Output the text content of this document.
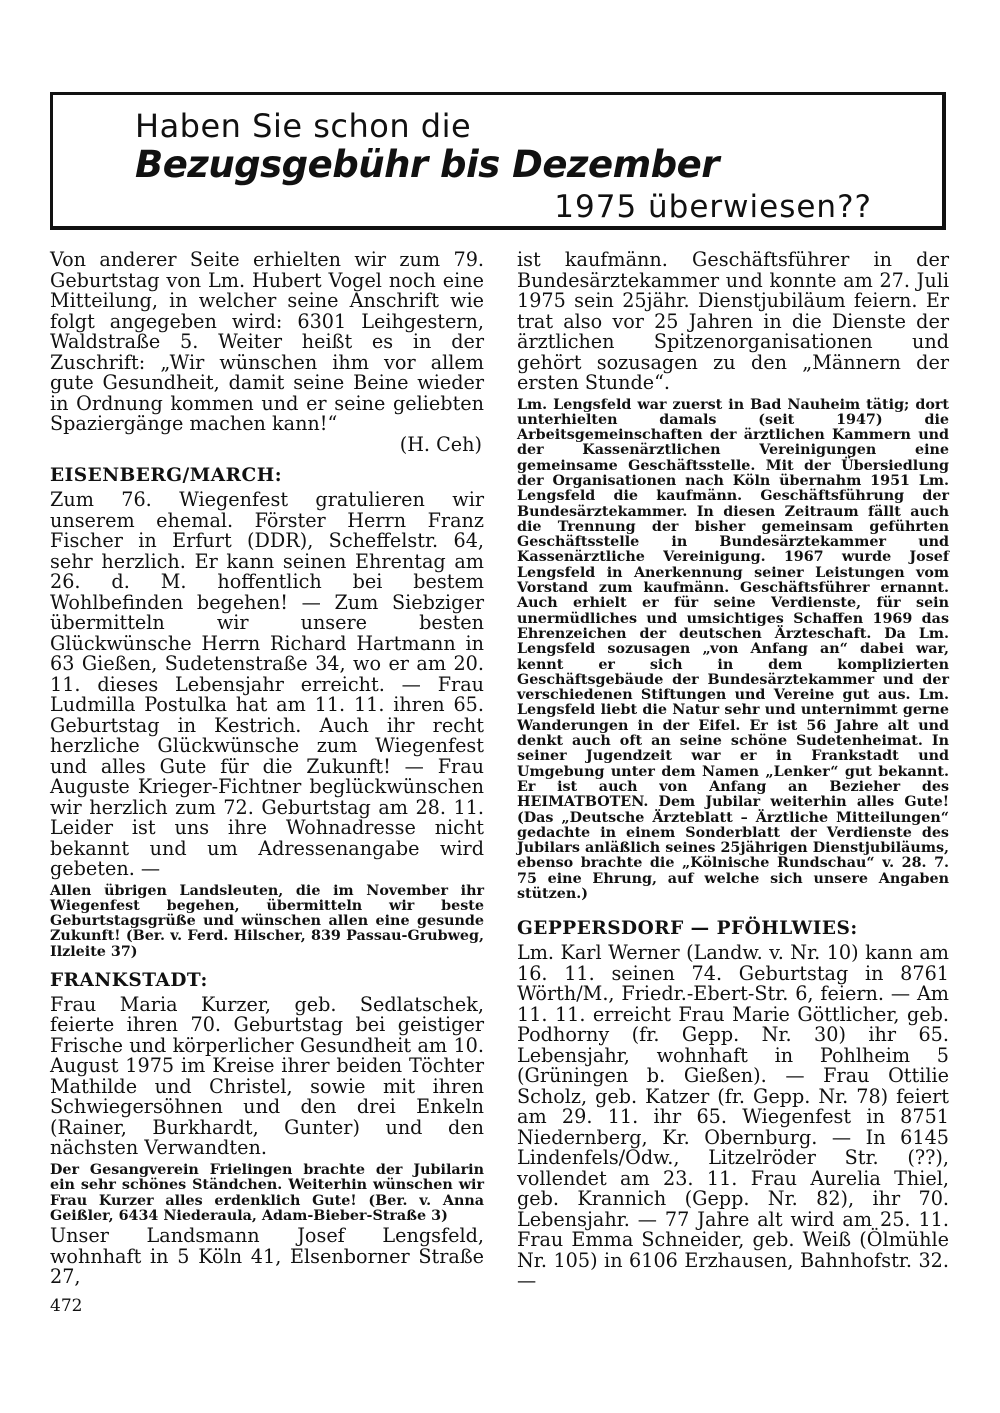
Haben Sie schon die
Bezugsgebühr bis Dezember
1975 überwiesen??

Von anderer Seite erhielten wir zum 79. Geburtstag von Lm. Hubert Vogel noch eine Mitteilung, in welcher seine Anschrift wie folgt angegeben wird: 6301 Leihgestern, Waldstraße 5. Weiter heißt es in der Zuschrift: „Wir wünschen ihm vor allem gute Gesundheit, damit seine Beine wieder in Ordnung kommen und er seine geliebten Spaziergänge machen kann!“

(H. Ceh)
EISENBERG/MARCH:

Zum 76. Wiegenfest gratulieren wir unserem ehemal. Förster Herrn Franz Fischer in Erfurt (DDR), Scheffelstr. 64, sehr herzlich. Er kann seinen Ehrentag am 26. d. M. hoffentlich bei bestem Wohlbefinden begehen! — Zum Siebziger übermitteln wir unsere besten Glückwünsche Herrn Richard Hartmann in 63 Gießen, Sudetenstraße 34, wo er am 20. 11. dieses Lebensjahr erreicht. — Frau Ludmilla Postulka hat am 11. 11. ihren 65. Geburtstag in Kestrich. Auch ihr recht herzliche Glückwünsche zum Wiegenfest und alles Gute für die Zukunft! — Frau Auguste Krieger-Fichtner beglückwünschen wir herzlich zum 72. Geburtstag am 28. 11. Leider ist uns ihre Wohnadresse nicht bekannt und um Adressenangabe wird gebeten. —

Allen übrigen Landsleuten, die im November ihr Wiegenfest begehen, übermitteln wir beste Geburtstagsgrüße und wünschen allen eine gesunde Zukunft! (Ber. v. Ferd. Hilscher, 839 Passau-Grubweg, Ilzleite 37)

FRANKSTADT:

Frau Maria Kurzer, geb. Sedlatschek, feierte ihren 70. Geburtstag bei geistiger Frische und körperlicher Gesundheit am 10. August 1975 im Kreise ihrer beiden Töchter Mathilde und Christel, sowie mit ihren Schwiegersöhnen und den drei Enkeln (Rainer, Burkhardt, Gunter) und den nächsten Verwandten.

Der Gesangverein Frielingen brachte der Jubilarin ein sehr schönes Ständchen. Weiterhin wünschen wir Frau Kurzer alles erdenklich Gute! (Ber. v. Anna Geißler, 6434 Niederaula, Adam-Bieber-Straße 3)

Unser Landsmann Josef Lengsfeld, wohnhaft in 5 Köln 41, Elsenborner Straße 27,

ist kaufmänn. Geschäftsführer in der Bundesärztekammer und konnte am 27. Juli 1975 sein 25jähr. Dienstjubiläum feiern. Er trat also vor 25 Jahren in die Dienste der ärztlichen Spitzenorganisationen und gehört sozusagen zu den „Männern der ersten Stunde“.

Lm. Lengsfeld war zuerst in Bad Nauheim tätig; dort unterhielten damals (seit 1947) die Arbeitsgemeinschaften der ärztlichen Kammern und der Kassenärztlichen Vereinigungen eine gemeinsame Geschäftsstelle. Mit der Übersiedlung der Organisationen nach Köln übernahm 1951 Lm. Lengsfeld die kaufmänn. Geschäftsführung der Bundesärztekammer. In diesen Zeitraum fällt auch die Trennung der bisher gemeinsam geführten Geschäftsstelle in Bundesärztekammer und Kassenärztliche Vereinigung. 1967 wurde Josef Lengsfeld in Anerkennung seiner Leistungen vom Vorstand zum kaufmänn. Geschäftsführer ernannt. Auch erhielt er für seine Verdienste, für sein unermüdliches und umsichtiges Schaffen 1969 das Ehrenzeichen der deutschen Ärzteschaft. Da Lm. Lengsfeld sozusagen „von Anfang an“ dabei war, kennt er sich in dem komplizierten Geschäftsgebäude der Bundesärztekammer und der verschiedenen Stiftungen und Vereine gut aus. Lm. Lengsfeld liebt die Natur sehr und unternimmt gerne Wanderungen in der Eifel. Er ist 56 Jahre alt und denkt auch oft an seine schöne Sudetenheimat. In seiner Jugendzeit war er in Frankstadt und Umgebung unter dem Namen „Lenker“ gut bekannt. Er ist auch von Anfang an Bezieher des HEIMATBOTEN. Dem Jubilar weiterhin alles Gute! (Das „Deutsche Ärzteblatt – Ärztliche Mitteilungen“ gedachte in einem Sonderblatt der Verdienste des Jubilars anläßlich seines 25jährigen Dienstjubiläums, ebenso brachte die „Kölnische Rundschau“ v. 28. 7. 75 eine Ehrung, auf welche sich unsere Angaben stützen.)

GEPPERSDORF — PFÖHLWIES:

Lm. Karl Werner (Landw. v. Nr. 10) kann am 16. 11. seinen 74. Geburtstag in 8761 Wörth/M., Friedr.-Ebert-Str. 6, feiern. — Am 11. 11. erreicht Frau Marie Göttlicher, geb. Podhorny (fr. Gepp. Nr. 30) ihr 65. Lebensjahr, wohnhaft in Pohlheim 5 (Grüningen b. Gießen). — Frau Ottilie Scholz, geb. Katzer (fr. Gepp. Nr. 78) feiert am 29. 11. ihr 65. Wiegenfest in 8751 Niedernberg, Kr. Obernburg. — In 6145 Lindenfels/Odw., Litzelröder Str. (??), vollendet am 23. 11. Frau Aurelia Thiel, geb. Krannich (Gepp. Nr. 82), ihr 70. Lebensjahr. — 77 Jahre alt wird am 25. 11. Frau Emma Schneider, geb. Weiß (Ölmühle Nr. 105) in 6106 Erzhausen, Bahnhofstr. 32. —

472
